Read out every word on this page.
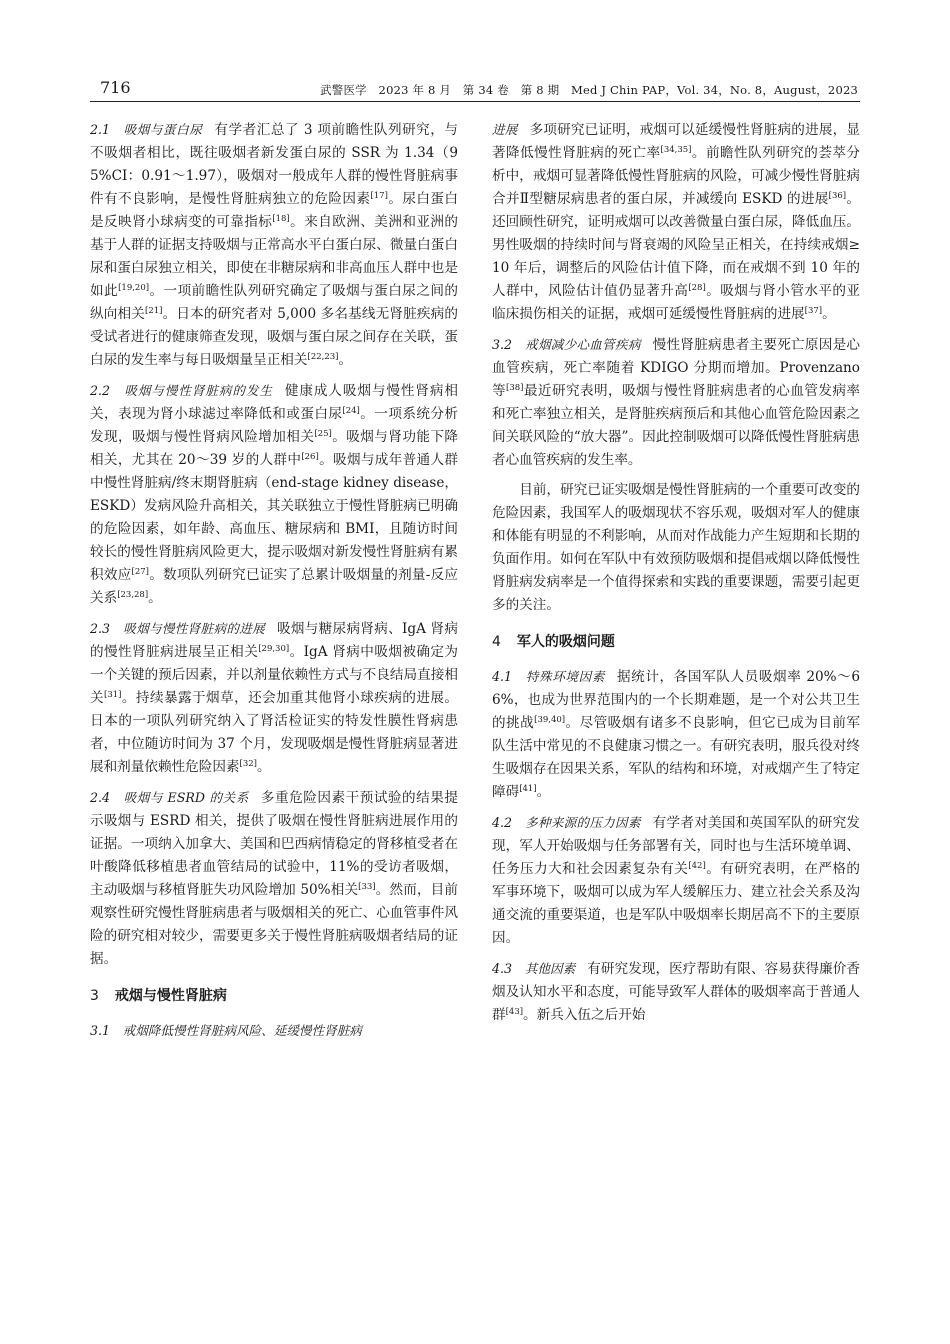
716	武警医学　2023 年 8 月　第 34 卷　第 8 期　Med J Chin PAP，Vol. 34，No. 8，August，2023

2.1　吸烟与蛋白尿 有学者汇总了 3 项前瞻性队列研究，与不吸烟者相比，既往吸烟者新发蛋白尿的 SSR 为 1.34（95%CI：0.91～1.97），吸烟对一般成年人群的慢性肾脏病事件有不良影响，是慢性肾脏病独立的危险因素[17]。尿白蛋白是反映肾小球病变的可靠指标[18]。来自欧洲、美洲和亚洲的基于人群的证据支持吸烟与正常高水平白蛋白尿、微量白蛋白尿和蛋白尿独立相关，即使在非糖尿病和非高血压人群中也是如此[19,20]。一项前瞻性队列研究确定了吸烟与蛋白尿之间的纵向相关[21]。日本的研究者对 5,000 多名基线无肾脏疾病的受试者进行的健康筛查发现，吸烟与蛋白尿之间存在关联，蛋白尿的发生率与每日吸烟量呈正相关[22,23]。

2.2　吸烟与慢性肾脏病的发生 健康成人吸烟与慢性肾病相关，表现为肾小球滤过率降低和或蛋白尿[24]。一项系统分析发现，吸烟与慢性肾病风险增加相关[25]。吸烟与肾功能下降相关，尤其在 20～39 岁的人群中[26]。吸烟与成年普通人群中慢性肾脏病/终末期肾脏病（end-stage kidney disease，ESKD）发病风险升高相关，其关联独立于慢性肾脏病已明确的危险因素，如年龄、高血压、糖尿病和 BMI，且随访时间较长的慢性肾脏病风险更大，提示吸烟对新发慢性肾脏病有累积效应[27]。数项队列研究已证实了总累计吸烟量的剂量-反应关系[23,28]。

2.3　吸烟与慢性肾脏病的进展 吸烟与糖尿病肾病、IgA 肾病的慢性肾脏病进展呈正相关[29,30]。IgA 肾病中吸烟被确定为一个关键的预后因素，并以剂量依赖性方式与不良结局直接相关[31]。持续暴露于烟草，还会加重其他肾小球疾病的进展。日本的一项队列研究纳入了肾活检证实的特发性膜性肾病患者，中位随访时间为 37 个月，发现吸烟是慢性肾脏病显著进展和剂量依赖性危险因素[32]。

2.4　吸烟与 ESRD 的关系 多重危险因素干预试验的结果提示吸烟与 ESRD 相关，提供了吸烟在慢性肾脏病进展作用的证据。一项纳入加拿大、美国和巴西病情稳定的肾移植受者在叶酸降低移植患者血管结局的试验中，11%的受访者吸烟，主动吸烟与移植肾脏失功风险增加 50%相关[33]。然而，目前观察性研究慢性肾脏病患者与吸烟相关的死亡、心血管事件风险的研究相对较少，需要更多关于慢性肾脏病吸烟者结局的证据。

3 戒烟与慢性肾脏病

3.1　戒烟降低慢性肾脏病风险、延缓慢性肾脏病

进展 多项研究已证明，戒烟可以延缓慢性肾脏病的进展，显著降低慢性肾脏病的死亡率[34,35]。前瞻性队列研究的荟萃分析中，戒烟可显著降低慢性肾脏病的风险，可减少慢性肾脏病合并Ⅱ型糖尿病患者的蛋白尿，并减缓向 ESKD 的进展[36]。还回顾性研究，证明戒烟可以改善微量白蛋白尿，降低血压。男性吸烟的持续时间与肾衰竭的风险呈正相关，在持续戒烟≥10 年后，调整后的风险估计值下降，而在戒烟不到 10 年的人群中，风险估计值仍显著升高[28]。吸烟与肾小管水平的亚临床损伤相关的证据，戒烟可延缓慢性肾脏病的进展[37]。

3.2　戒烟减少心血管疾病 慢性肾脏病患者主要死亡原因是心血管疾病，死亡率随着 KDIGO 分期而增加。Provenzano 等[38]最近研究表明，吸烟与慢性肾脏病患者的心血管发病率和死亡率独立相关，是肾脏疾病预后和其他心血管危险因素之间关联风险的“放大器”。因此控制吸烟可以降低慢性肾脏病患者心血管疾病的发生率。

目前，研究已证实吸烟是慢性肾脏病的一个重要可改变的危险因素，我国军人的吸烟现状不容乐观，吸烟对军人的健康和体能有明显的不利影响，从而对作战能力产生短期和长期的负面作用。如何在军队中有效预防吸烟和提倡戒烟以降低慢性肾脏病发病率是一个值得探索和实践的重要课题，需要引起更多的关注。

4 军人的吸烟问题

4.1　特殊环境因素 据统计，各国军队人员吸烟率 20%～66%，也成为世界范围内的一个长期难题，是一个对公共卫生的挑战[39,40]。尽管吸烟有诸多不良影响，但它已成为目前军队生活中常见的不良健康习惯之一。有研究表明，服兵役对终生吸烟存在因果关系，军队的结构和环境，对戒烟产生了特定障碍[41]。

4.2　多种来源的压力因素 有学者对美国和英国军队的研究发现，军人开始吸烟与任务部署有关，同时也与生活环境单调、任务压力大和社会因素复杂有关[42]。有研究表明，在严格的军事环境下，吸烟可以成为军人缓解压力、建立社会关系及沟通交流的重要渠道，也是军队中吸烟率长期居高不下的主要原因。

4.3　其他因素 有研究发现，医疗帮助有限、容易获得廉价香烟及认知水平和态度，可能导致军人群体的吸烟率高于普通人群[43]。新兵入伍之后开始
